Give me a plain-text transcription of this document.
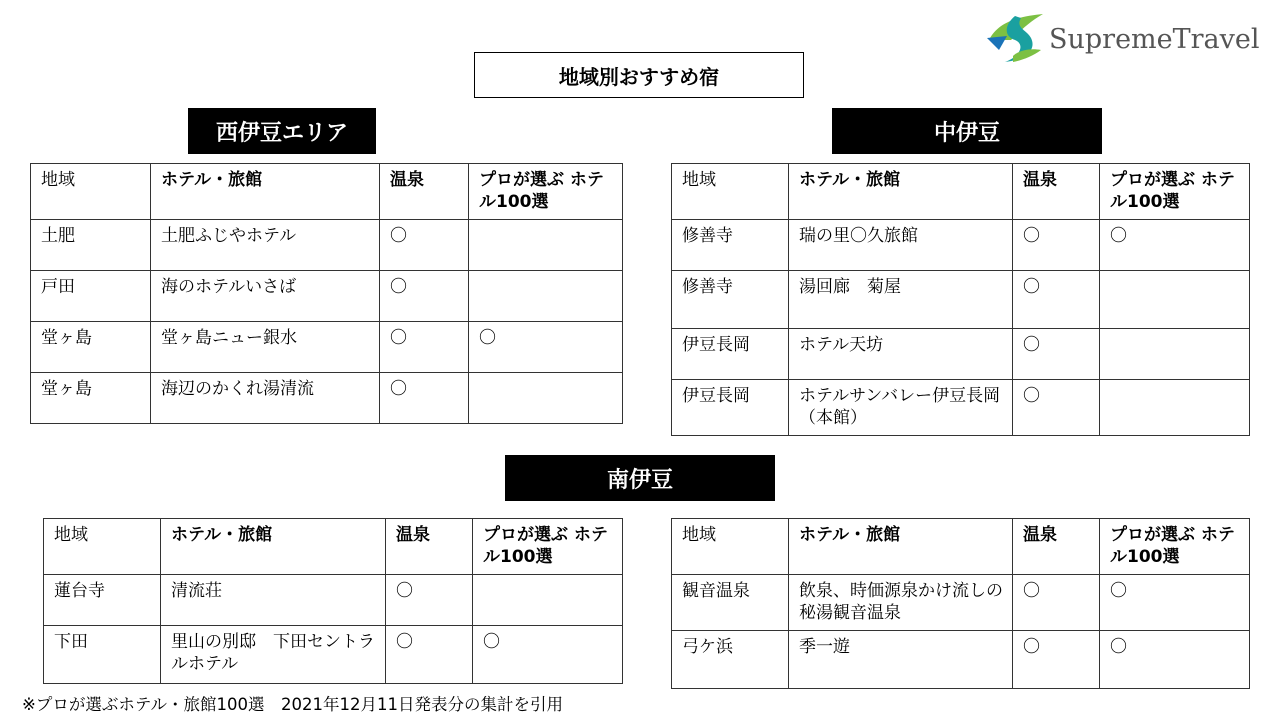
SupremeTravel
地域別おすすめ宿
西伊豆エリア	中伊豆
南伊豆
地域	ホテル・旅館	温泉	プロが選ぶ ホテル100選
土肥	土肥ふじやホテル	〇	
戸田	海のホテルいさば	〇	
堂ヶ島	堂ヶ島ニュー銀水	〇	〇
堂ヶ島	海辺のかくれ湯清流	〇	
地域	ホテル・旅館	温泉	プロが選ぶ ホテル100選
修善寺	瑞の里〇久旅館	〇	〇
修善寺	湯回廊　菊屋	〇	
伊豆長岡	ホテル天坊	〇	
伊豆長岡	ホテルサンバレー伊豆長岡（本館）	〇	
地域	ホテル・旅館	温泉	プロが選ぶ ホテル100選
蓮台寺	清流荘	〇	
下田	里山の別邸　下田セントラルホテル	〇	〇
地域	ホテル・旅館	温泉	プロが選ぶ ホテル100選
観音温泉	飲泉、時価源泉かけ流しの秘湯観音温泉	〇	〇
弓ケ浜	季一遊	〇	〇
※プロが選ぶホテル・旅館100選　2021年12月11日発表分の集計を引用
